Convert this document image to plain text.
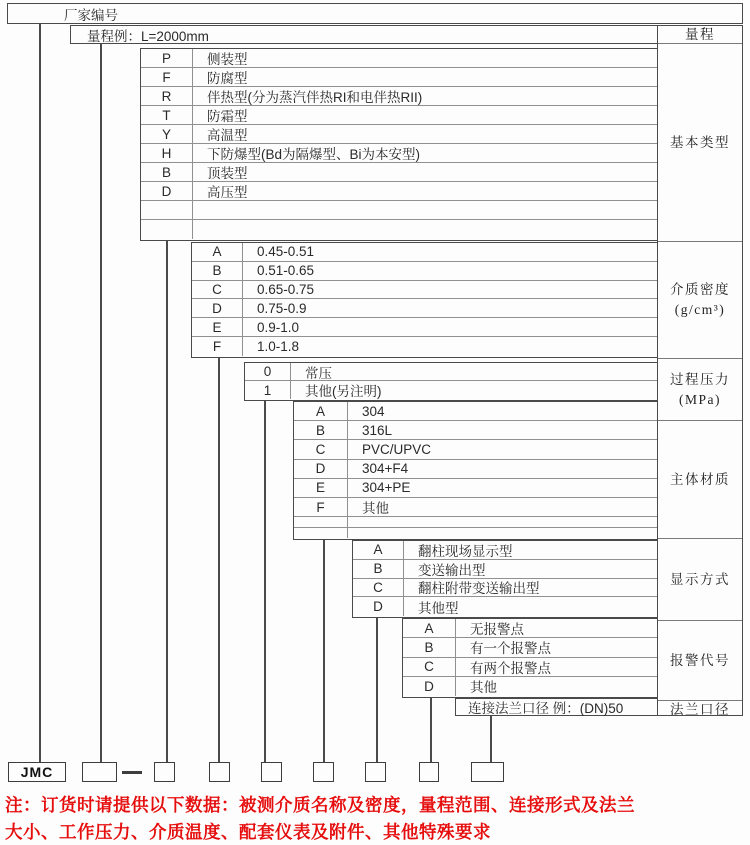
厂家编号
量程例：L=2000mm	量程
基本类型
介质密度
(g/cm³)
过程压力
(MPa)
主体材质
显示方式
报警代号
法兰口径
P	侧装型
F	防腐型
R	伴热型(分为蒸汽伴热RI和电伴热RII)
T	防霜型
Y	高温型
H	下防爆型(Bd为隔爆型、Bi为本安型)
B	顶装型
D	高压型
A	0.45-0.51
B	0.51-0.65
C	0.65-0.75
D	0.75-0.9
E	0.9-1.0
F	1.0-1.8
0	常压
1	其他(另注明)
A	304
B	316L
C	PVC/UPVC
D	304+F4
E	304+PE
F	其他
A	翻柱现场显示型
B	变送输出型
C	翻柱附带变送输出型
D	其他型
A	无报警点
B	有一个报警点
C	有两个报警点
D	其他
连接法兰口径 例：(DN)50
JMC
注：订货时请提供以下数据：被测介质名称及密度，量程范围、连接形式及法兰
大小、工作压力、介质温度、配套仪表及附件、其他特殊要求
